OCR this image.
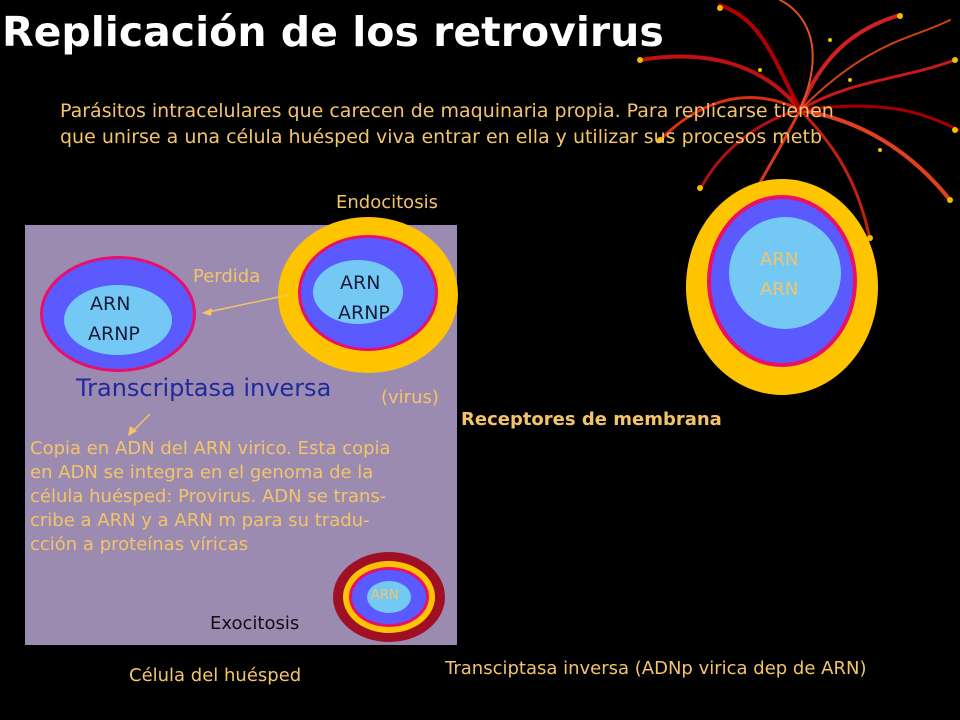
Replicación de los retrovirus
Parásitos intracelulares que carecen de maquinaria propia. Para replicarse tienen
que unirse a una célula huésped viva entrar en ella y utilizar sus procesos metb
Endocitosis
ARN
ARNP
ARN
ARNP
ARN
ARN
ARN
Perdida
Transcriptasa inversa	(virus)
Receptores de membrana
Copia en ADN del ARN virico. Esta copia
en ADN se integra en el genoma de la
célula huésped: Provirus. ADN se trans-
cribe a ARN y a ARN m para su tradu-
cción a proteínas víricas
Exocitosis
Célula del huésped	Transciptasa inversa (ADNp virica dep de ARN)
